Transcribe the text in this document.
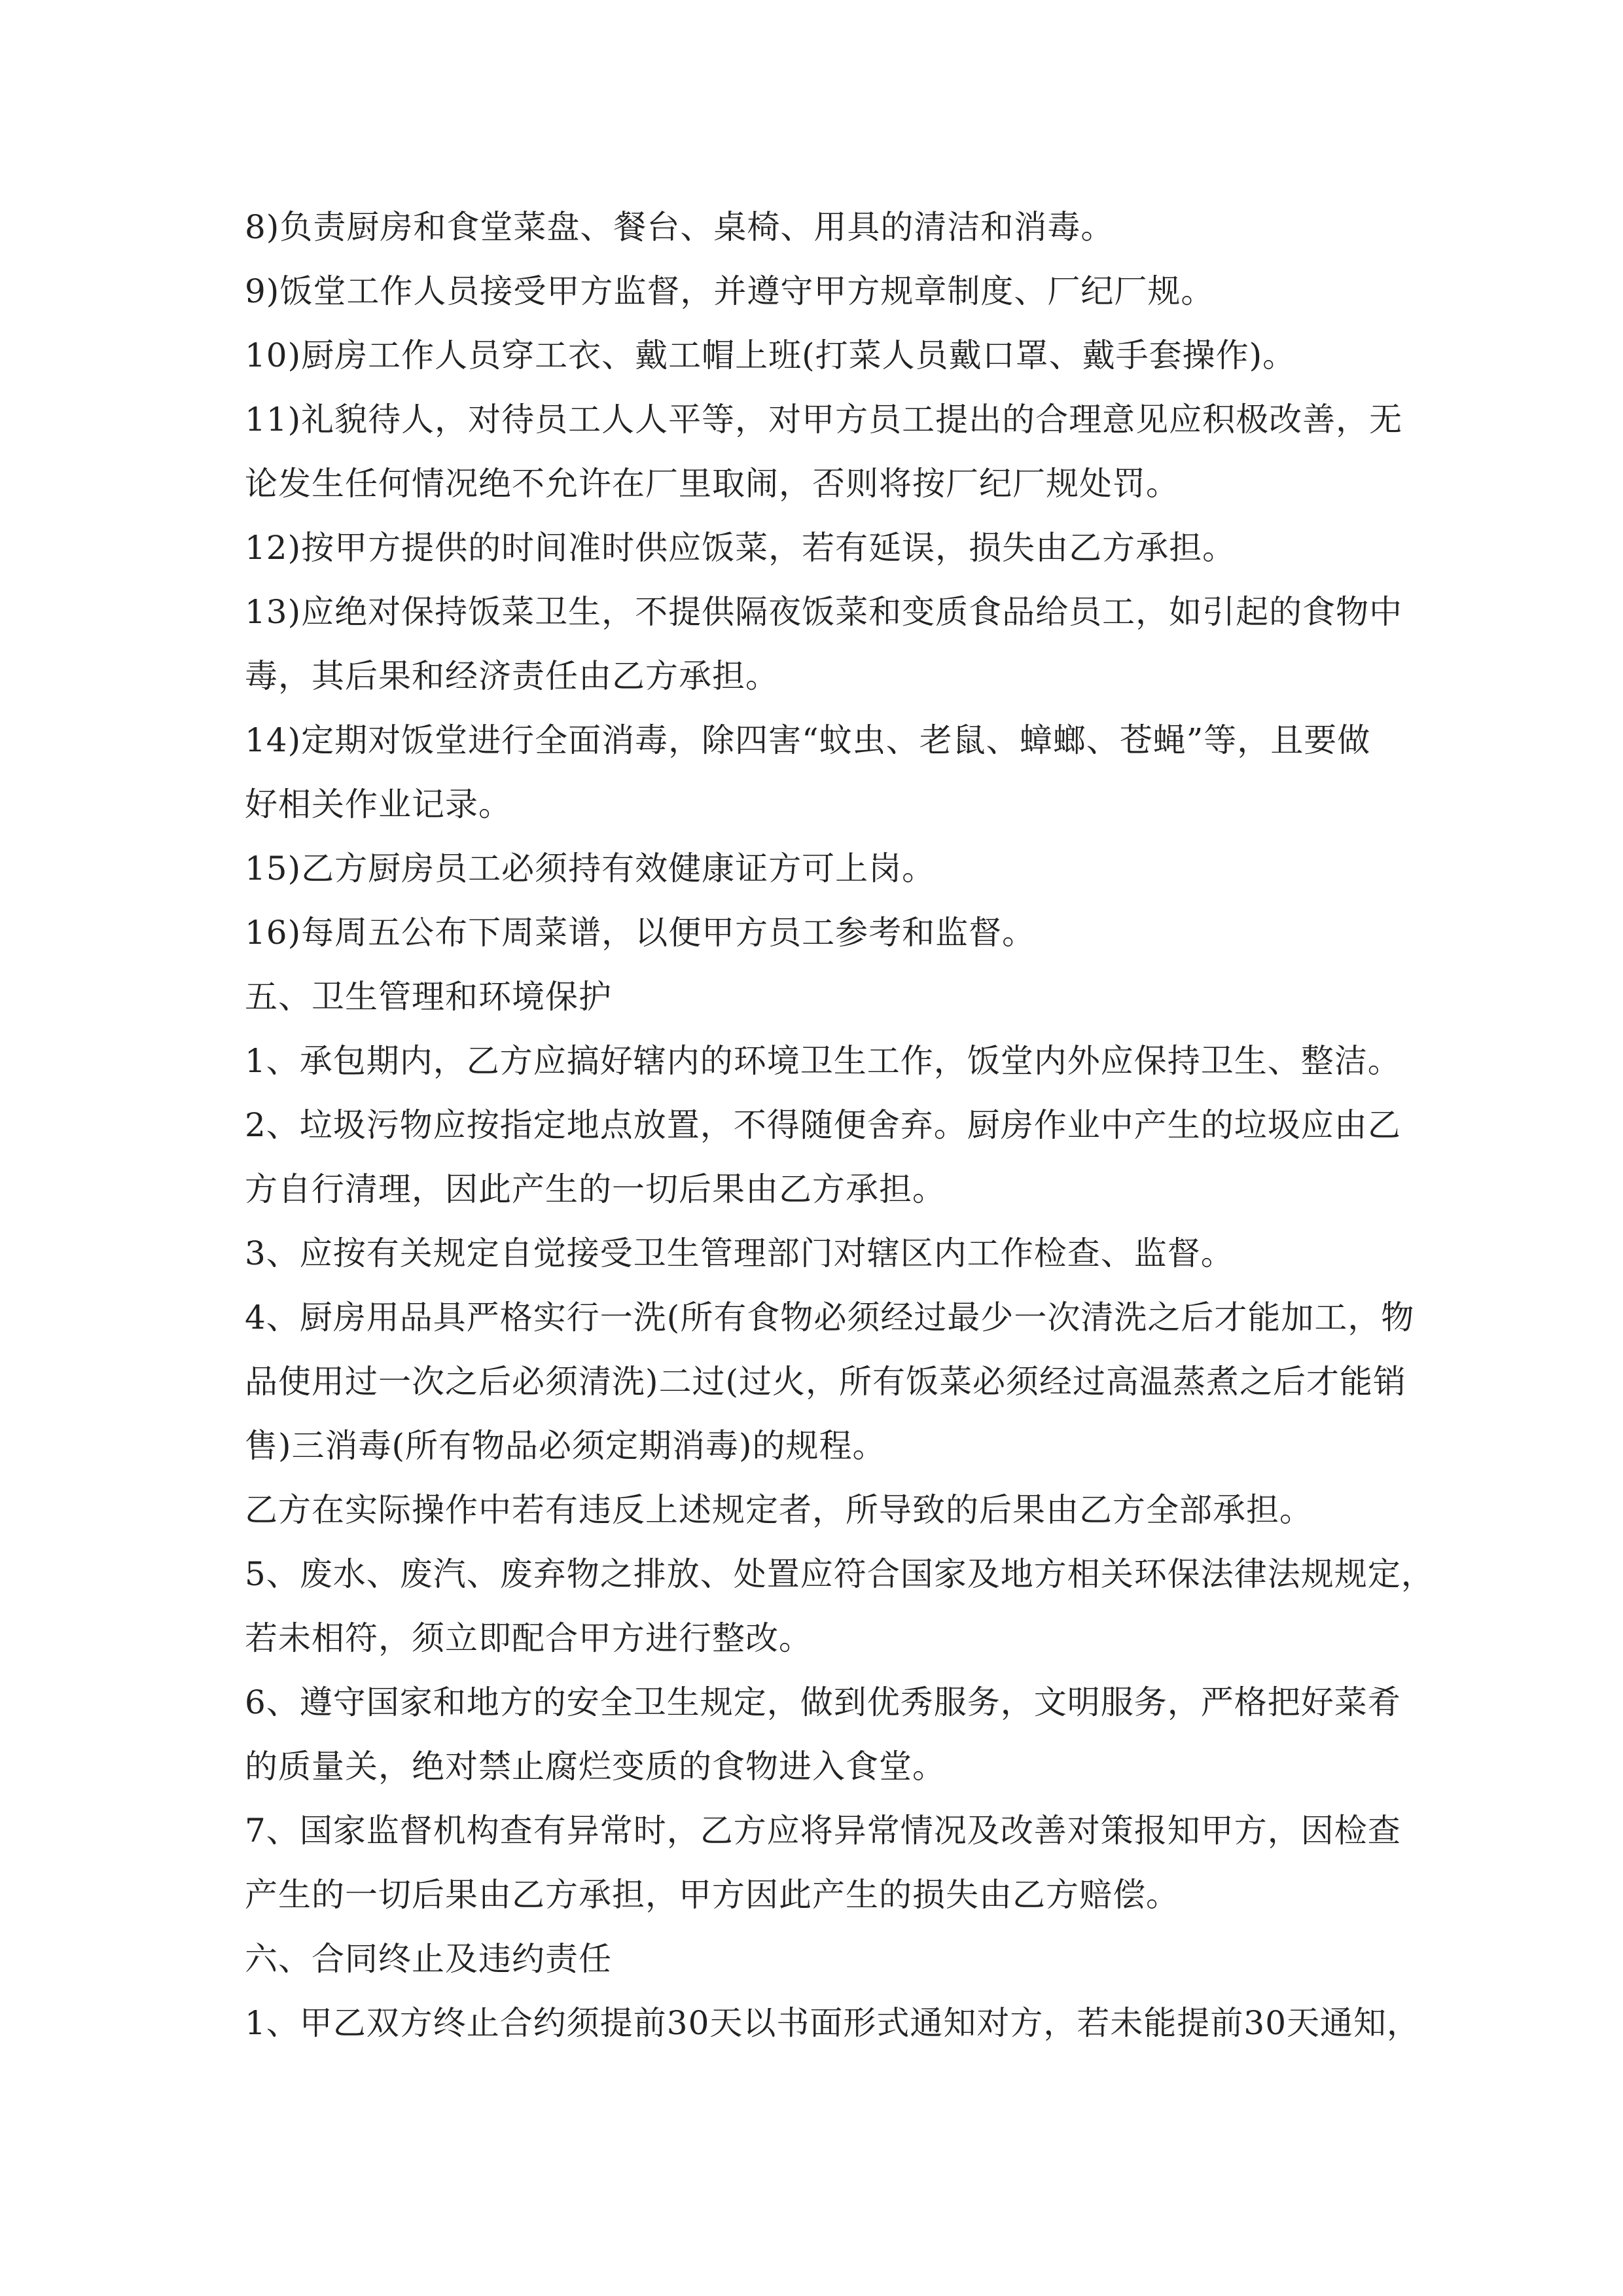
8)负责厨房和食堂菜盘、餐台、桌椅、用具的清洁和消毒。
9)饭堂工作人员接受甲方监督，并遵守甲方规章制度、厂纪厂规。
10)厨房工作人员穿工衣、戴工帽上班(打菜人员戴口罩、戴手套操作)。
11)礼貌待人，对待员工人人平等，对甲方员工提出的合理意见应积极改善，无
论发生任何情况绝不允许在厂里取闹，否则将按厂纪厂规处罚。
12)按甲方提供的时间准时供应饭菜，若有延误，损失由乙方承担。
13)应绝对保持饭菜卫生，不提供隔夜饭菜和变质食品给员工，如引起的食物中
毒，其后果和经济责任由乙方承担。
14)定期对饭堂进行全面消毒，除四害“蚊虫、老鼠、蟑螂、苍蝇”等，且要做
好相关作业记录。
15)乙方厨房员工必须持有效健康证方可上岗。
16)每周五公布下周菜谱，以便甲方员工参考和监督。
五、卫生管理和环境保护
1、承包期内，乙方应搞好辖内的环境卫生工作，饭堂内外应保持卫生、整洁。
2、垃圾污物应按指定地点放置，不得随便舍弃。厨房作业中产生的垃圾应由乙
方自行清理，因此产生的一切后果由乙方承担。
3、应按有关规定自觉接受卫生管理部门对辖区内工作检查、监督。
4、厨房用品具严格实行一洗(所有食物必须经过最少一次清洗之后才能加工，物
品使用过一次之后必须清洗)二过(过火，所有饭菜必须经过高温蒸煮之后才能销
售)三消毒(所有物品必须定期消毒)的规程。
乙方在实际操作中若有违反上述规定者，所导致的后果由乙方全部承担。
5、废水、废汽、废弃物之排放、处置应符合国家及地方相关环保法律法规规定，
若未相符，须立即配合甲方进行整改。
6、遵守国家和地方的安全卫生规定，做到优秀服务，文明服务，严格把好菜肴
的质量关，绝对禁止腐烂变质的食物进入食堂。
7、国家监督机构查有异常时，乙方应将异常情况及改善对策报知甲方，因检查
产生的一切后果由乙方承担，甲方因此产生的损失由乙方赔偿。
六、合同终止及违约责任
1、甲乙双方终止合约须提前30天以书面形式通知对方，若未能提前30天通知，
